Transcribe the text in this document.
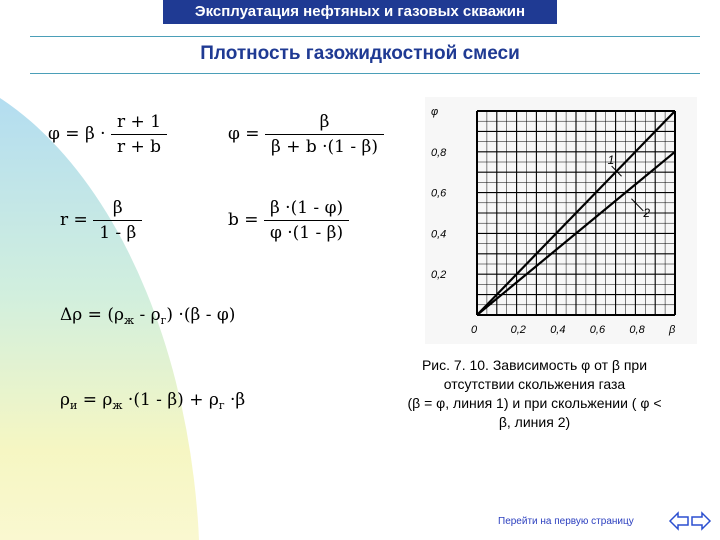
Эксплуатация нефтяных и газовых скважин
Плотность газожидкостной смеси
$\varphi = \beta \cdot \frac{r + 1}{r + b}$	$\varphi = \frac{\beta}{\beta + b \cdot(1 - \beta)}$
$r = \frac{\beta}{1 - \beta}$	$b = \frac{\beta \cdot(1 - \varphi)}{\varphi \cdot(1 - \beta)}$
$\Delta\rho = (\rho_ж - \rho_г) \cdot(\beta - \varphi)$
$\rho_и = \rho_ж \cdot(1 - \beta) + \rho_г \cdot\beta$
1
2
0	0,2 0,4 0,6 0,8 β
0,2
0,4
0,6
0,8
φ
Рис. 7. 10. Зависимость φ от β при
отсутствии скольжения газа
(β = φ, линия 1) и при скольжении ( φ <
β, линия 2)
Перейти на первую страницу
